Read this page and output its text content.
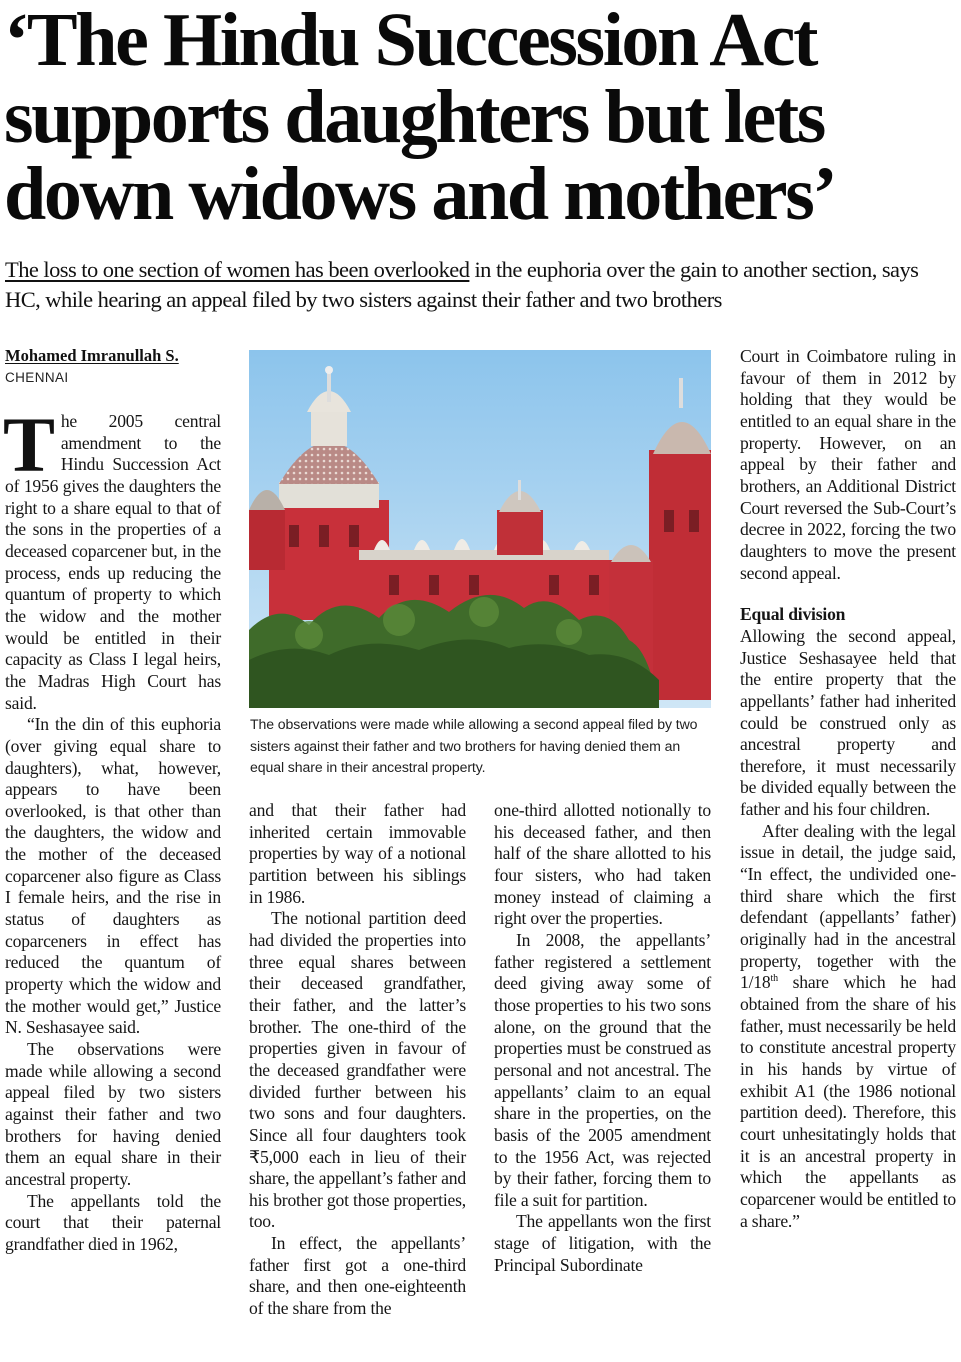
‘The Hindu Succession Act
supports daughters but lets
down widows and mothers’
The loss to one section of women has been overlooked in the euphoria over the gain to another section, says HC, while hearing an appeal filed by two sisters against their father and two brothers
Mohamed Imranullah S.
CHENNAI

The 2005 central amendment to the Hindu Succession Act of 1956 gives the daughters the right to a share equal to that of the sons in the properties of a deceased coparcener but, in the process, ends up reducing the quantum of property to which the widow and the mother would be entitled in their capacity as Class I legal heirs, the Madras High Court has said.

“In the din of this euphoria (over giving equal share to daughters), what, however, appears to have been overlooked, is that other than the daughters, the widow and the mother of the deceased coparcener also figure as Class I female heirs, and the rise in status of daughters as coparceners in effect has reduced the quantum of property which the widow and the mother would get,” Justice N. Seshasayee said.

The observations were made while allowing a second appeal filed by two sisters against their father and two brothers for having denied them an equal share in their ancestral property.

The appellants told the court that their paternal grandfather died in 1962,

The observations were made while allowing a second appeal filed by two sisters against their father and two brothers for having denied them an equal share in their ancestral property.

and that their father had inherited certain immovable properties by way of a notional partition between his siblings in 1986.

The notional partition deed had divided the properties into three equal shares between their deceased grandfather, their father, and the latter’s brother. The one-third of the properties given in favour of the deceased grandfather were divided further between his two sons and four daughters. Since all four daughters took ₹5,000 each in lieu of their share, the appellant’s father and his brother got those properties, too.

In effect, the appellants’ father first got a one-third share, and then one-eighteenth of the share from the

one-third allotted notionally to his deceased father, and then half of the share allotted to his four sisters, who had taken money instead of claiming a right over the properties.

In 2008, the appellants’ father registered a settlement deed giving away some of those properties to his two sons alone, on the ground that the properties must be construed as personal and not ancestral. The appellants’ claim to an equal share in the properties, on the basis of the 2005 amendment to the 1956 Act, was rejected by their father, forcing them to file a suit for partition.

The appellants won the first stage of litigation, with the Principal Subordinate

Court in Coimbatore ruling in favour of them in 2012 by holding that they would be entitled to an equal share in the property. However, on an appeal by their father and brothers, an Additional District Court reversed the Sub-Court’s decree in 2022, forcing the two daughters to move the present second appeal.

Equal division

Allowing the second appeal, Justice Seshasayee held that the entire property that the appellants’ father had inherited could be construed only as ancestral property and therefore, it must necessarily be divided equally between the father and his four children.

After dealing with the legal issue in detail, the judge said, “In effect, the undivided one-third share which the first defendant (appellants’ father) originally had in the ancestral property, together with the 1/18th share which he had obtained from the share of his father, must necessarily be held to constitute ancestral property in his hands by virtue of exhibit A1 (the 1986 notional partition deed). Therefore, this court unhesitatingly holds that it is an ancestral property in which the appellants as coparcener would be entitled to a share.”
